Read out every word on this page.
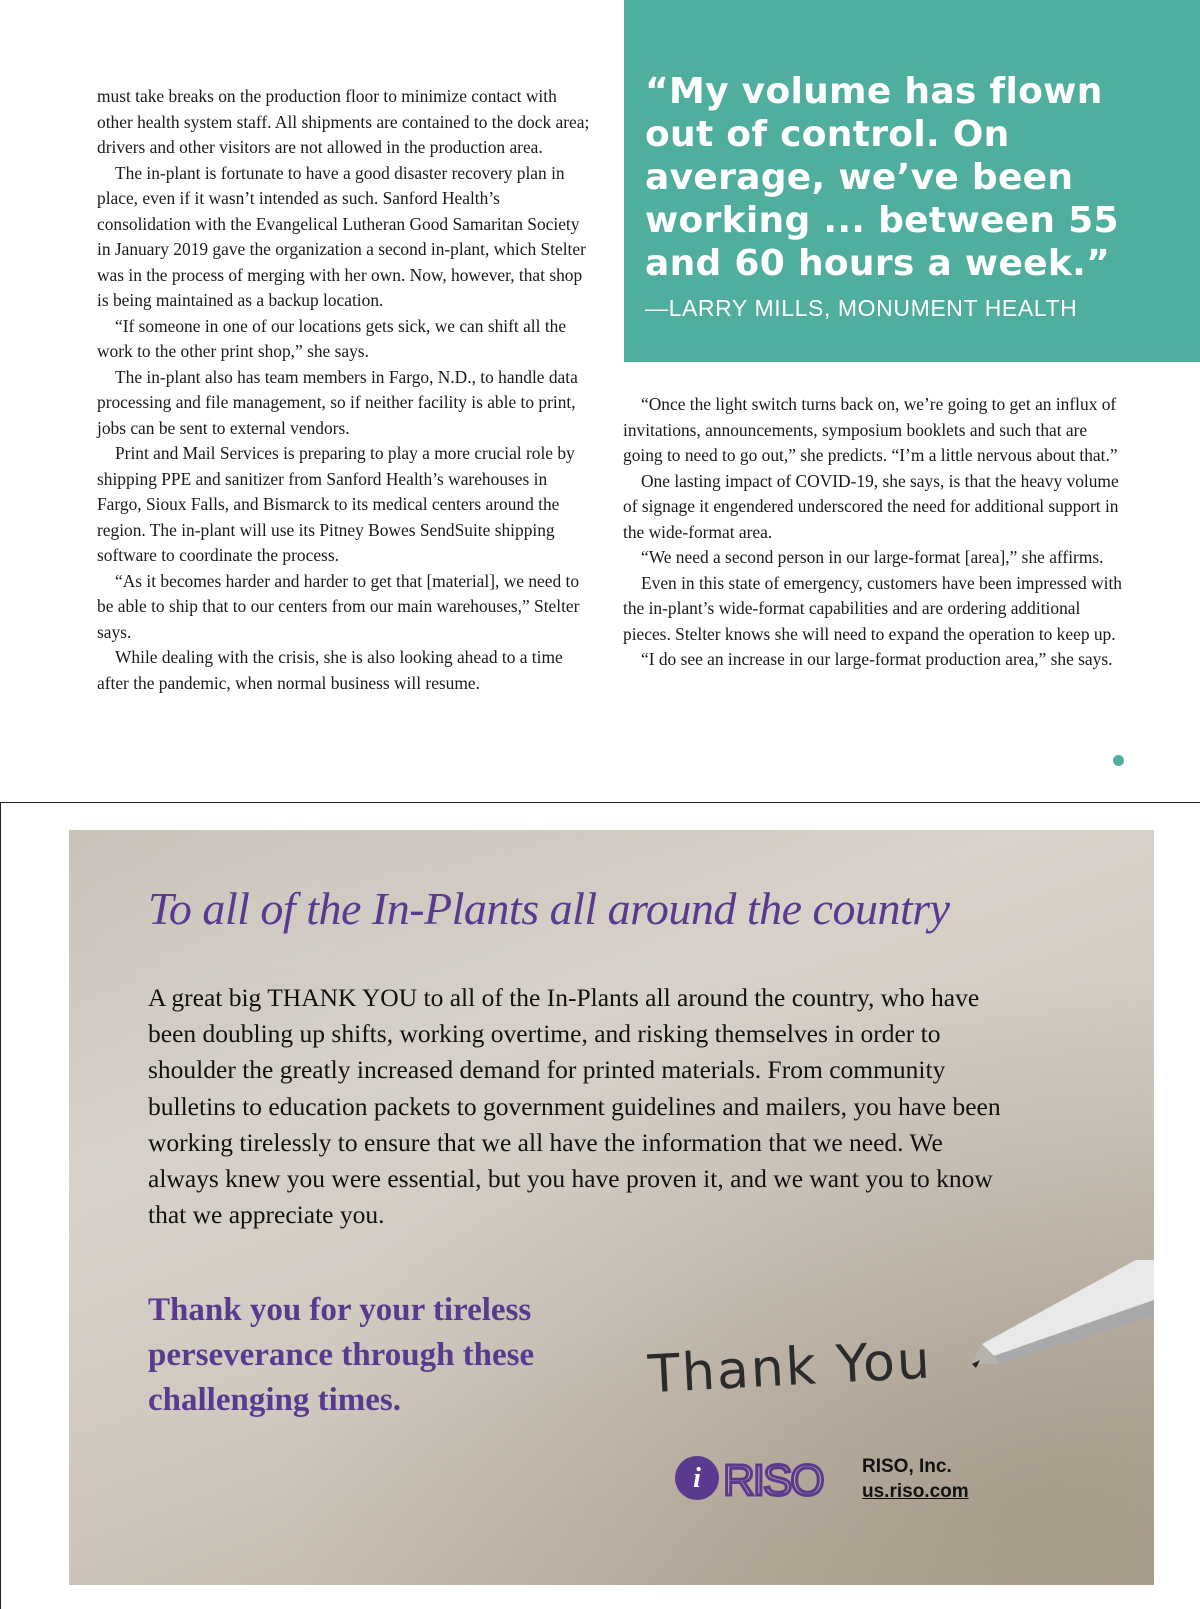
must take breaks on the production floor to minimize contact with other health system staff. All shipments are contained to the dock area; drivers and other visitors are not allowed in the production area.

The in-plant is fortunate to have a good disaster recovery plan in place, even if it wasn’t intended as such. Sanford Health’s consolidation with the Evangelical Lutheran Good Samaritan Society in January 2019 gave the organization a second in-plant, which Stelter was in the process of merging with her own. Now, however, that shop is being maintained as a backup location.

“If someone in one of our locations gets sick, we can shift all the work to the other print shop,” she says.

The in-plant also has team members in Fargo, N.D., to handle data processing and file management, so if neither facility is able to print, jobs can be sent to external vendors.

Print and Mail Services is preparing to play a more crucial role by shipping PPE and sanitizer from Sanford Health’s warehouses in Fargo, Sioux Falls, and Bismarck to its medical centers around the region. The in-plant will use its Pitney Bowes SendSuite shipping software to coordinate the process.

“As it becomes harder and harder to get that [material], we need to be able to ship that to our centers from our main warehouses,” Stelter says.

While dealing with the crisis, she is also looking ahead to a time after the pandemic, when normal business will resume.

“My volume has flown out of control. On average, we’ve been working ... between 55 and 60 hours a week.”
—LARRY MILLS, MONUMENT HEALTH

“Once the light switch turns back on, we’re going to get an influx of invitations, announcements, symposium booklets and such that are going to need to go out,” she predicts. “I’m a little nervous about that.”

One lasting impact of COVID-19, she says, is that the heavy volume of signage it engendered underscored the need for additional support in the wide-format area.

“We need a second person in our large-format [area],” she affirms.

Even in this state of emergency, customers have been impressed with the in-plant’s wide-format capabilities and are ordering additional pieces. Stelter knows she will need to expand the operation to keep up.

“I do see an increase in our large-format production area,” she says.

To all of the In-Plants all around the country
A great big THANK YOU to all of the In-Plants all around the country, who have been doubling up shifts, working overtime, and risking themselves in order to shoulder the greatly increased demand for printed materials. From community bulletins to education packets to government guidelines and mailers, you have been working tirelessly to ensure that we all have the information that we need. We always knew you were essential, but you have proven it, and we want you to know that we appreciate you.
Thank you for your tireless perseverance through these challenging times.	Thank You
i RISO RISO, Inc.
us.riso.com
